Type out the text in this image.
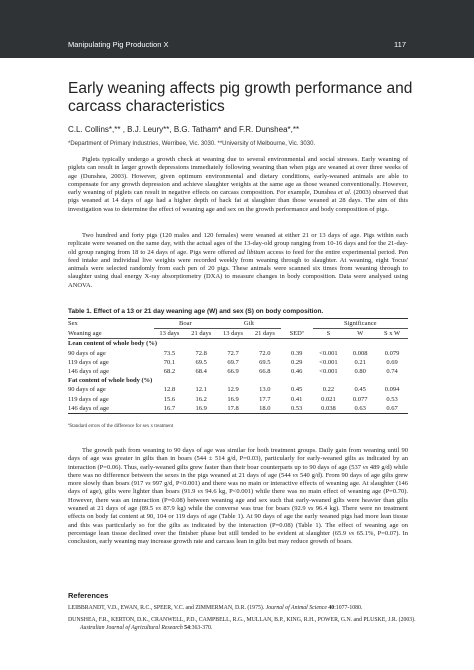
Manipulating Pig Production X	117
Early weaning affects pig growth performance and carcass characteristics
C.L. Collins*,** , B.J. Leury**, B.G. Tatham* and F.R. Dunshea*,**
*Department of Primary Industries, Werribee, Vic. 3030. **University of Melbourne, Vic. 3030.

Piglets typically undergo a growth check at weaning due to several environmental and social stresses. Early weaning of piglets can result in larger growth depressions immediately following weaning than when pigs are weaned at over three weeks of age (Dunshea, 2003). However, given optimum environmental and dietary conditions, early-weaned animals are able to compensate for any growth depression and achieve slaughter weights at the same age as those weaned conventionally. However, early weaning of piglets can result in negative effects on carcass composition. For example, Dunshea et al. (2003) observed that pigs weaned at 14 days of age had a higher depth of back fat at slaughter than those weaned at 28 days. The aim of this investigation was to determine the effect of weaning age and sex on the growth performance and body composition of pigs.

Two hundred and forty pigs (120 males and 120 females) were weaned at either 21 or 13 days of age. Pigs within each replicate were weaned on the same day, with the actual ages of the 13-day-old group ranging from 10-16 days and for the 21-day-old group ranging from 18 to 24 days of age. Pigs were offered ad libitum access to feed for the entire experimental period. Pen feed intake and individual live weights were recorded weekly from weaning through to slaughter. At weaning, eight 'focus' animals were selected randomly from each pen of 20 pigs. These animals were scanned six times from weaning through to slaughter using dual energy X-ray absorptiometry (DXA) to measure changes in body composition. Data were analysed using ANOVA.

Table 1. Effect of a 13 or 21 day weaning age (W) and sex (S) on body composition.

Sex	Boar		Gilt			Significance		
Weaning age	13 days	21 days	13 days	21 days	SEDª	S	W	S x W
Lean content of whole body (%)								
90 days of age	73.5	72.8	72.7	72.0	0.39	<0.001	0.008	0.079
119 days of age	70.1	69.5	69.7	69.5	0.29	<0.001	0.21	0.69
146 days of age	68.2	68.4	66.9	66.8	0.46	<0.001	0.80	0.74
Fat content of whole body (%)								
90 days of age	12.8	12.1	12.9	13.0	0.45	0.22	0.45	0.094
119 days of age	15.6	16.2	16.9	17.7	0.41	0.021	0.077	0.53
146 days of age	16.7	16.9	17.8	18.0	0.53	0.038	0.63	0.67
ªStandard errors of the difference for sex x treatment

The growth path from weaning to 90 days of age was similar for both treatment groups. Daily gain from weaning until 90 days of age was greater in gilts than in boars (544 ± 514 g/d, P=0.03), particularly for early-weaned gilts as indicated by an interaction (P=0.06). Thus, early-weaned gilts grew faster than their boar counterparts up to 90 days of age (537 vs 489 g/d) while there was no difference between the sexes in the pigs weaned at 21 days of age (544 vs 540 g/d). From 90 days of age gilts grew more slowly than boars (917 vs 997 g/d, P<0.001) and there was no main or interactive effects of weaning age. At slaughter (146 days of age), gilts were lighter than boars (91.9 vs 94.6 kg, P<0.001) while there was no main effect of weaning age (P=0.70). However, there was an interaction (P=0.08) between weaning age and sex such that early-weaned gilts were heavier than gilts weaned at 21 days of age (89.5 vs 87.9 kg) while the converse was true for boars (92.9 vs 96.4 kg). There were no treatment effects on body fat content at 90, 104 or 119 days of age (Table 1). At 90 days of age the early weaned pigs had more lean tissue and this was particularly so for the gilts as indicated by the interaction (P=0.08) (Table 1). The effect of weaning age on percentage lean tissue declined over the finisher phase but still tended to be evident at slaughter (65.9 vs 65.1%, P=0.07). In conclusion, early weaning may increase growth rate and carcass lean in gilts but may reduce growth of boars.

References

LEIBBRANDT, V.D., EWAN, R.C., SPEER, V.C. and ZIMMERMAN, D.R. (1975). Journal of Animal Science 40:1077-1080.

DUNSHEA, F.R., KERTON, D.K., CRANWELL, P.D., CAMPBELL, R.G., MULLAN, B.P., KING, R.H., POWER, G.N. and PLUSKE, J.R. (2003). Australian Journal of Agricultural Research 54:363-370.
